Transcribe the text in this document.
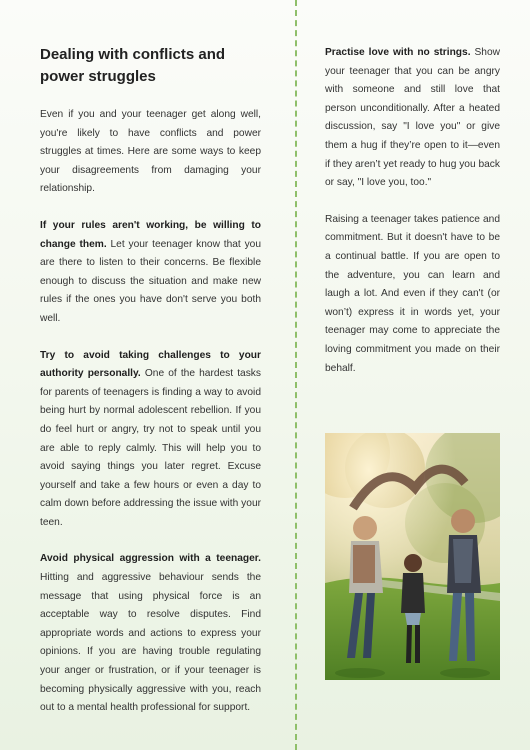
Dealing with conflicts and power struggles

Even if you and your teenager get along well, you're likely to have conflicts and power struggles at times. Here are some ways to keep your disagreements from damaging your relationship.

If your rules aren't working, be willing to change them. Let your teenager know that you are there to listen to their concerns. Be flexible enough to discuss the situation and make new rules if the ones you have don't serve you both well.

Try to avoid taking challenges to your authority personally. One of the hardest tasks for parents of teenagers is finding a way to avoid being hurt by normal adolescent rebellion. If you do feel hurt or angry, try not to speak until you are able to reply calmly. This will help you to avoid saying things you later regret. Excuse yourself and take a few hours or even a day to calm down before addressing the issue with your teen.

Avoid physical aggression with a teenager. Hitting and aggressive behaviour sends the message that using physical force is an acceptable way to resolve disputes. Find appropriate words and actions to express your opinions. If you are having trouble regulating your anger or frustration, or if your teenager is becoming physically aggressive with you, reach out to a mental health professional for support.

Practise love with no strings. Show your teenager that you can be angry with someone and still love that person unconditionally. After a heated discussion, say "I love you" or give them a hug if they’re open to it—even if they aren’t yet ready to hug you back or say, "I love you, too."

Raising a teenager takes patience and commitment. But it doesn't have to be a continual battle. If you are open to the adventure, you can learn and laugh a lot. And even if they can't (or won’t) express it in words yet, your teenager may come to appreciate the loving commitment you made on their behalf.
